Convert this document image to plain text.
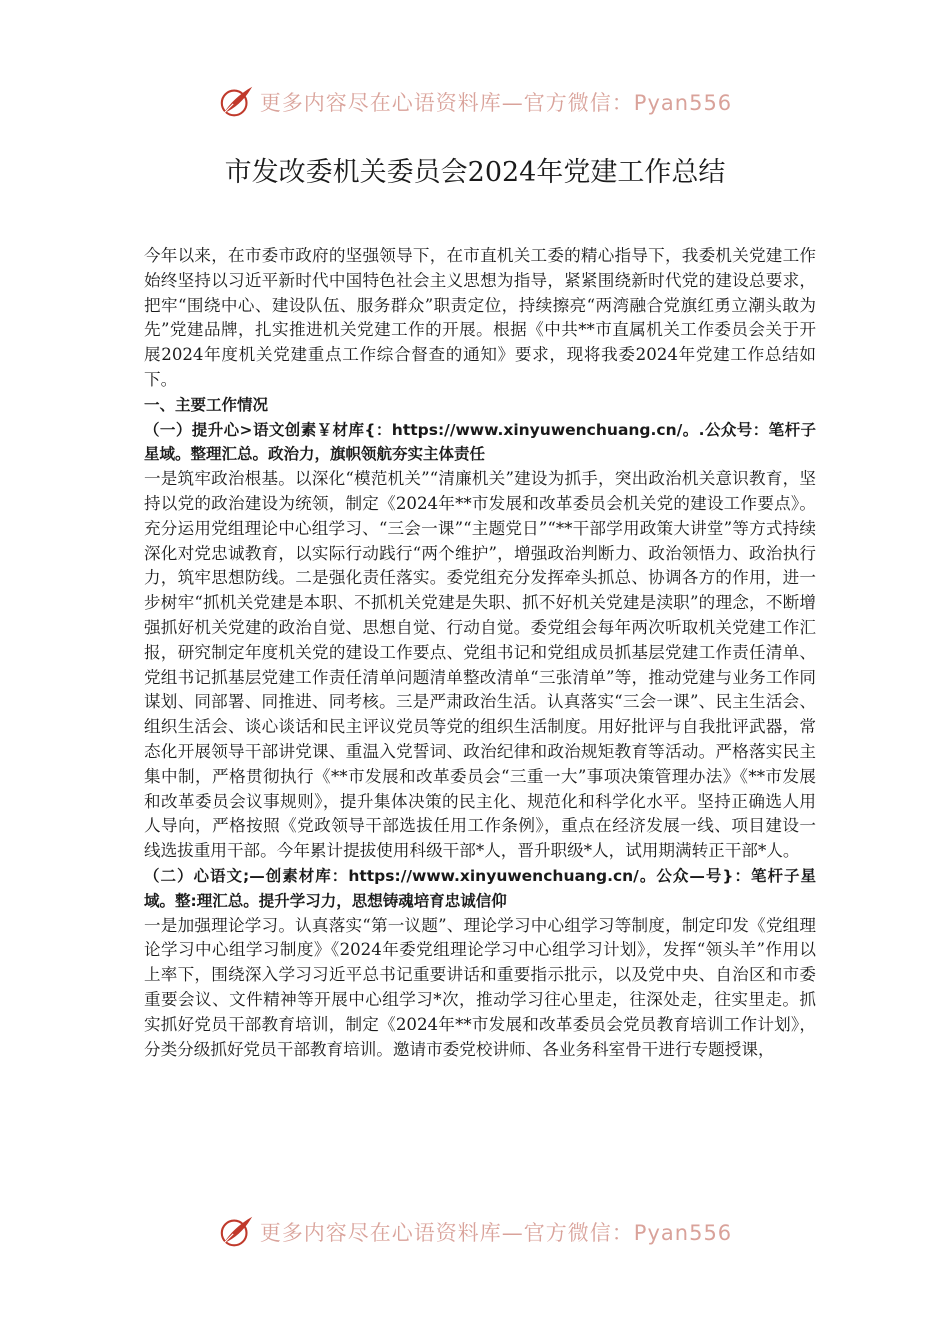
更多内容尽在心语资料库—官方微信：Pyan556
市发改委机关委员会2024年党建工作总结

今年以来，在市委市政府的坚强领导下，在市直机关工委的精心指导下，我委机关党建工作始终坚持以习近平新时代中国特色社会主义思想为指导，紧紧围绕新时代党的建设总要求，把牢“围绕中心、建设队伍、服务群众”职责定位，持续擦亮“两湾融合党旗红勇立潮头敢为先”党建品牌，扎实推进机关党建工作的开展。根据《中共**市直属机关工作委员会关于开展2024年度机关党建重点工作综合督查的通知》要求，现将我委2024年党建工作总结如下。

一、主要工作情况

（一）提升心>语文创素￥材库{：https://www.xinyuwenchuang.cn/。.公众号：笔杆子星域。整理汇总。政治力，旗帜领航夯实主体责任

一是筑牢政治根基。以深化“模范机关”“清廉机关”建设为抓手，突出政治机关意识教育，坚持以党的政治建设为统领，制定《2024年**市发展和改革委员会机关党的建设工作要点》。充分运用党组理论中心组学习、“三会一课”“主题党日”“**干部学用政策大讲堂”等方式持续深化对党忠诚教育，以实际行动践行“两个维护”，增强政治判断力、政治领悟力、政治执行力，筑牢思想防线。二是强化责任落实。委党组充分发挥牵头抓总、协调各方的作用，进一步树牢“抓机关党建是本职、不抓机关党建是失职、抓不好机关党建是渎职”的理念，不断增强抓好机关党建的政治自觉、思想自觉、行动自觉。委党组会每年两次听取机关党建工作汇报，研究制定年度机关党的建设工作要点、党组书记和党组成员抓基层党建工作责任清单、党组书记抓基层党建工作责任清单问题清单整改清单“三张清单”等，推动党建与业务工作同谋划、同部署、同推进、同考核。三是严肃政治生活。认真落实“三会一课”、民主生活会、组织生活会、谈心谈话和民主评议党员等党的组织生活制度。用好批评与自我批评武器，常态化开展领导干部讲党课、重温入党誓词、政治纪律和政治规矩教育等活动。严格落实民主集中制，严格贯彻执行《**市发展和改革委员会“三重一大”事项决策管理办法》《**市发展和改革委员会议事规则》，提升集体决策的民主化、规范化和科学化水平。坚持正确选人用人导向，严格按照《党政领导干部选拔任用工作条例》，重点在经济发展一线、项目建设一线选拔重用干部。今年累计提拔使用科级干部*人，晋升职级*人，试用期满转正干部*人。

（二）心语文;—创素材库：https://www.xinyuwenchuang.cn/。公众—号}：笔杆子星域。整:理汇总。提升学习力，思想铸魂培育忠诚信仰

一是加强理论学习。认真落实“第一议题”、理论学习中心组学习等制度，制定印发《党组理论学习中心组学习制度》《2024年委党组理论学习中心组学习计划》，发挥“领头羊”作用以上率下，围绕深入学习习近平总书记重要讲话和重要指示批示，以及党中央、自治区和市委重要会议、文件精神等开展中心组学习*次，推动学习往心里走，往深处走，往实里走。抓实抓好党员干部教育培训，制定《2024年**市发展和改革委员会党员教育培训工作计划》，分类分级抓好党员干部教育培训。邀请市委党校讲师、各业务科室骨干进行专题授课，

更多内容尽在心语资料库—官方微信：Pyan556
